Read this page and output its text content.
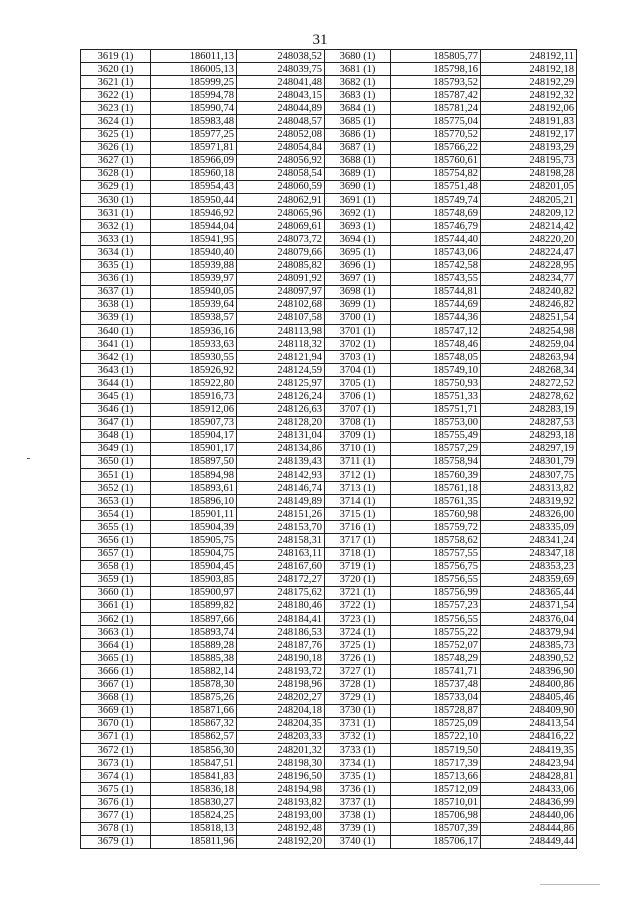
31
3619 (1)	186011,13	248038,52	3680 (1)	185805,77	248192,11
3620 (1)	186005,13	248039,75	3681 (1)	185798,16	248192,18
3621 (1)	185999,25	248041,48	3682 (1)	185793,52	248192,29
3622 (1)	185994,78	248043,15	3683 (1)	185787,42	248192,32
3623 (1)	185990,74	248044,89	3684 (1)	185781,24	248192,06
3624 (1)	185983,48	248048,57	3685 (1)	185775,04	248191,83
3625 (1)	185977,25	248052,08	3686 (1)	185770,52	248192,17
3626 (1)	185971,81	248054,84	3687 (1)	185766,22	248193,29
3627 (1)	185966,09	248056,92	3688 (1)	185760,61	248195,73
3628 (1)	185960,18	248058,54	3689 (1)	185754,82	248198,28
3629 (1)	185954,43	248060,59	3690 (1)	185751,48	248201,05
3630 (1)	185950,44	248062,91	3691 (1)	185749,74	248205,21
3631 (1)	185946,92	248065,96	3692 (1)	185748,69	248209,12
3632 (1)	185944,04	248069,61	3693 (1)	185746,79	248214,42
3633 (1)	185941,95	248073,72	3694 (1)	185744,40	248220,20
3634 (1)	185940,40	248079,66	3695 (1)	185743,06	248224,47
3635 (1)	185939,88	248085,82	3696 (1)	185742,58	248228,95
3636 (1)	185939,97	248091,92	3697 (1)	185743,55	248234,77
3637 (1)	185940,05	248097,97	3698 (1)	185744,81	248240,82
3638 (1)	185939,64	248102,68	3699 (1)	185744,69	248246,82
3639 (1)	185938,57	248107,58	3700 (1)	185744,36	248251,54
3640 (1)	185936,16	248113,98	3701 (1)	185747,12	248254,98
3641 (1)	185933,63	248118,32	3702 (1)	185748,46	248259,04
3642 (1)	185930,55	248121,94	3703 (1)	185748,05	248263,94
3643 (1)	185926,92	248124,59	3704 (1)	185749,10	248268,34
3644 (1)	185922,80	248125,97	3705 (1)	185750,93	248272,52
3645 (1)	185916,73	248126,24	3706 (1)	185751,33	248278,62
3646 (1)	185912,06	248126,63	3707 (1)	185751,71	248283,19
3647 (1)	185907,73	248128,20	3708 (1)	185753,00	248287,53
3648 (1)	185904,17	248131,04	3709 (1)	185755,49	248293,18
3649 (1)	185901,17	248134,86	3710 (1)	185757,29	248297,19
3650 (1)	185897,50	248139,43	3711 (1)	185758,94	248301,79
3651 (1)	185894,98	248142,93	3712 (1)	185760,39	248307,75
3652 (1)	185893,61	248146,74	3713 (1)	185761,18	248313,82
3653 (1)	185896,10	248149,89	3714 (1)	185761,35	248319,92
3654 (1)	185901,11	248151,26	3715 (1)	185760,98	248326,00
3655 (1)	185904,39	248153,70	3716 (1)	185759,72	248335,09
3656 (1)	185905,75	248158,31	3717 (1)	185758,62	248341,24
3657 (1)	185904,75	248163,11	3718 (1)	185757,55	248347,18
3658 (1)	185904,45	248167,60	3719 (1)	185756,75	248353,23
3659 (1)	185903,85	248172,27	3720 (1)	185756,55	248359,69
3660 (1)	185900,97	248175,62	3721 (1)	185756,99	248365,44
3661 (1)	185899,82	248180,46	3722 (1)	185757,23	248371,54
3662 (1)	185897,66	248184,41	3723 (1)	185756,55	248376,04
3663 (1)	185893,74	248186,53	3724 (1)	185755,22	248379,94
3664 (1)	185889,28	248187,76	3725 (1)	185752,07	248385,73
3665 (1)	185885,38	248190,18	3726 (1)	185748,29	248390,52
3666 (1)	185882,14	248193,72	3727 (1)	185741,71	248396,90
3667 (1)	185878,30	248198,96	3728 (1)	185737,48	248400,86
3668 (1)	185875,26	248202,27	3729 (1)	185733,04	248405,46
3669 (1)	185871,66	248204,18	3730 (1)	185728,87	248409,90
3670 (1)	185867,32	248204,35	3731 (1)	185725,09	248413,54
3671 (1)	185862,57	248203,33	3732 (1)	185722,10	248416,22
3672 (1)	185856,30	248201,32	3733 (1)	185719,50	248419,35
3673 (1)	185847,51	248198,30	3734 (1)	185717,39	248423,94
3674 (1)	185841,83	248196,50	3735 (1)	185713,66	248428,81
3675 (1)	185836,18	248194,98	3736 (1)	185712,09	248433,06
3676 (1)	185830,27	248193,82	3737 (1)	185710,01	248436,99
3677 (1)	185824,25	248193,00	3738 (1)	185706,98	248440,06
3678 (1)	185818,13	248192,48	3739 (1)	185707,39	248444,86
3679 (1)	185811,96	248192,20	3740 (1)	185706,17	248449,44
